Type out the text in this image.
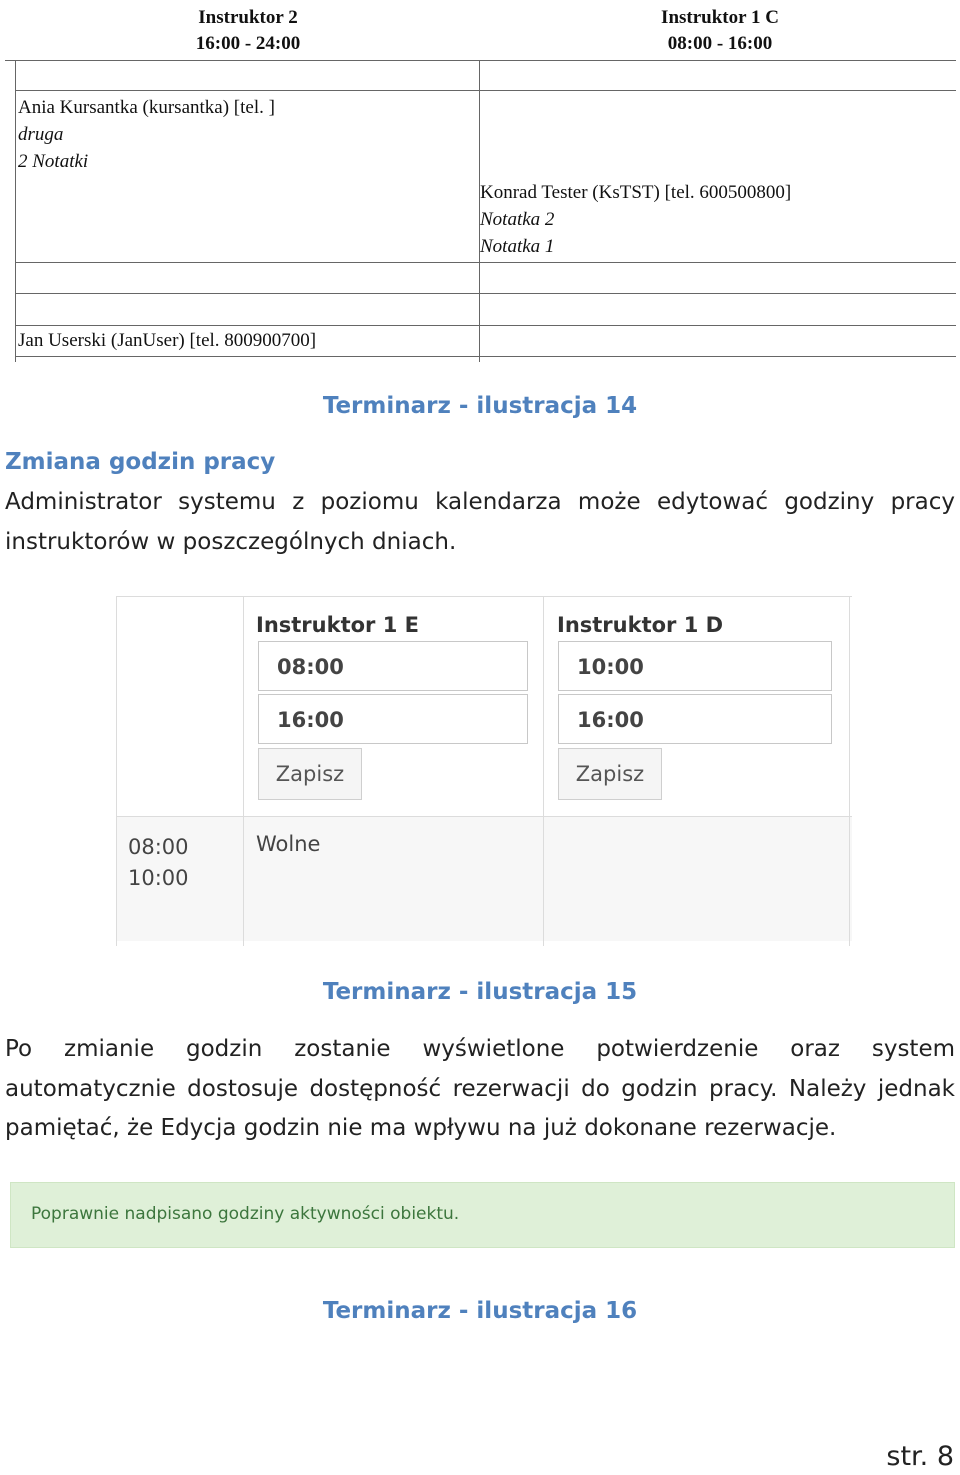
Instruktor 2
16:00 - 24:00
Instruktor 1 C
08:00 - 16:00
Ania Kursantka (kursantka) [tel. ]
druga
2 Notatki
Konrad Tester (KsTST) [tel. 600500800]
Notatka 2
Notatka 1
Jan Userski (JanUser) [tel. 800900700]
Terminarz - ilustracja 14
Zmiana godzin pracy
Administrator systemu z poziomu kalendarza może edytować godziny pracy instruktorów w poszczególnych dniach.
Instruktor 1 E
08:00
16:00
Zapisz
Instruktor 1 D
10:00
16:00
Zapisz
08:00
10:00
Wolne
Terminarz - ilustracja 15
Po zmianie godzin zostanie wyświetlone potwierdzenie oraz system automatycznie dostosuje dostępność rezerwacji do godzin pracy. Należy jednak pamiętać, że Edycja godzin nie ma wpływu na już dokonane rezerwacje.
Poprawnie nadpisano godziny aktywności obiektu.
Terminarz - ilustracja 16
str. 8
